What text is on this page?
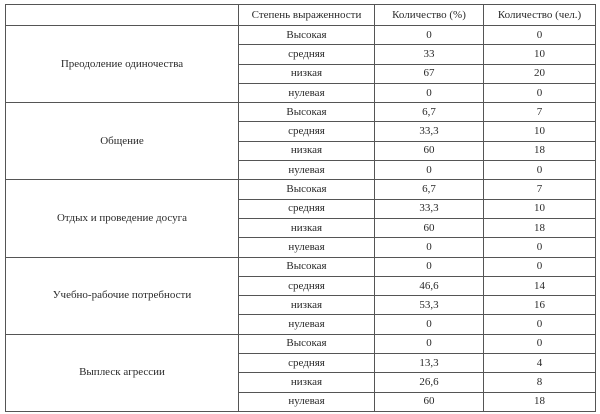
	Степень выраженности	Количество (%)	Количество (чел.)
Преодоление одиночества	Высокая	0	0
	средняя	33	10
	низкая	67	20
	нулевая	0	0
Общение	Высокая	6,7	7
	средняя	33,3	10
	низкая	60	18
	нулевая	0	0
Отдых и проведение досуга	Высокая	6,7	7
	средняя	33,3	10
	низкая	60	18
	нулевая	0	0
Учебно-рабочие потребности	Высокая	0	0
	средняя	46,6	14
	низкая	53,3	16
	нулевая	0	0
Выплеск агрессии	Высокая	0	0
	средняя	13,3	4
	низкая	26,6	8
	нулевая	60	18
